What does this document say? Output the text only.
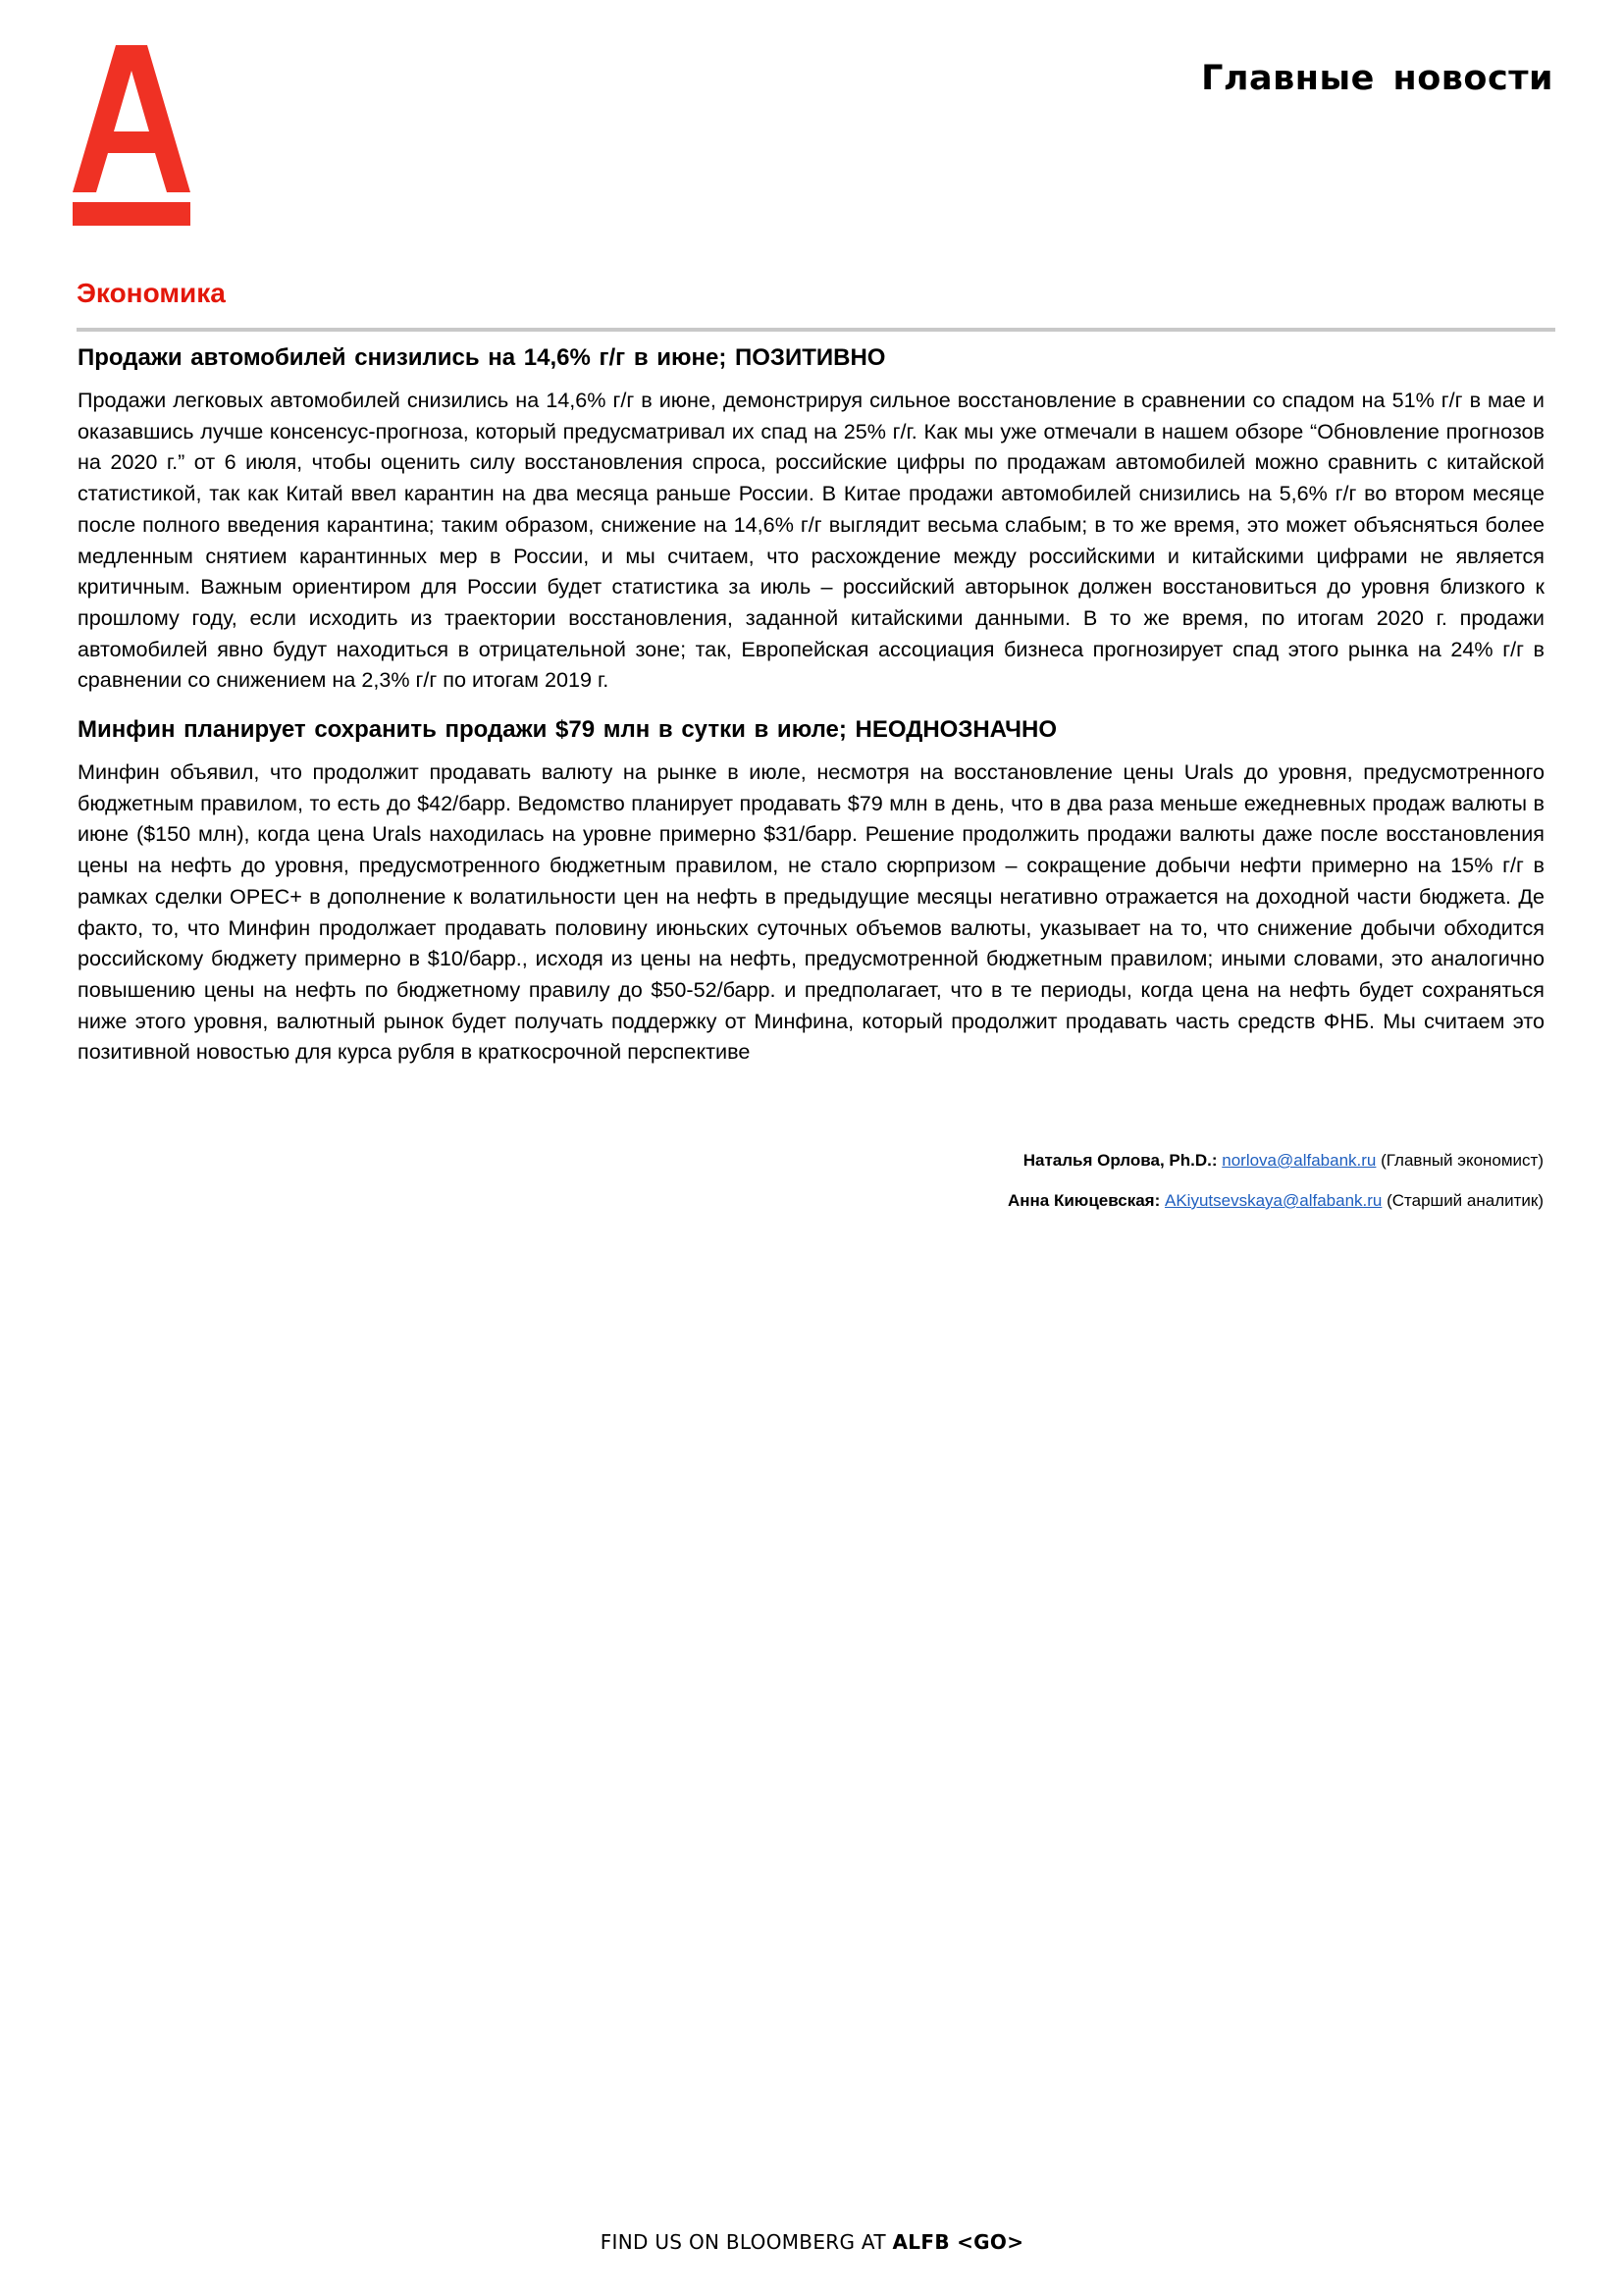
Главные новости
Экономика
Продажи автомобилей снизились на 14,6% г/г в июне; ПОЗИТИВНО

Продажи легковых автомобилей снизились на 14,6% г/г в июне, демонстрируя сильное восстановление в сравнении со спадом на 51% г/г в мае и оказавшись лучше консенсус-прогноза, который предусматривал их спад на 25% г/г. Как мы уже отмечали в нашем обзоре “Обновление прогнозов на 2020 г.” от 6 июля, чтобы оценить силу восстановления спроса, российские цифры по продажам автомобилей можно сравнить с китайской статистикой, так как Китай ввел карантин на два месяца раньше России. В Китае продажи автомобилей снизились на 5,6% г/г во втором месяце после полного введения карантина; таким образом, снижение на 14,6% г/г выглядит весьма слабым; в то же время, это может объясняться более медленным снятием карантинных мер в России, и мы считаем, что расхождение между российскими и китайскими цифрами не является критичным. Важным ориентиром для России будет статистика за июль – российский авторынок должен восстановиться до уровня близкого к прошлому году, если исходить из траектории восстановления, заданной китайскими данными. В то же время, по итогам 2020 г. продажи автомобилей явно будут находиться в отрицательной зоне; так, Европейская ассоциация бизнеса прогнозирует спад этого рынка на 24% г/г в сравнении со снижением на 2,3% г/г по итогам 2019 г.

Минфин планирует сохранить продажи $79 млн в сутки в июле; НЕОДНОЗНАЧНО

Минфин объявил, что продолжит продавать валюту на рынке в июле, несмотря на восстановление цены Urals до уровня, предусмотренного бюджетным правилом, то есть до $42/барр. Ведомство планирует продавать $79 млн в день, что в два раза меньше ежедневных продаж валюты в июне ($150 млн), когда цена Urals находилась на уровне примерно $31/барр. Решение продолжить продажи валюты даже после восстановления цены на нефть до уровня, предусмотренного бюджетным правилом, не стало сюрпризом – сокращение добычи нефти примерно на 15% г/г в рамках сделки OPEC+ в дополнение к волатильности цен на нефть в предыдущие месяцы негативно отражается на доходной части бюджета. Де факто, то, что Минфин продолжает продавать половину июньских суточных объемов валюты, указывает на то, что снижение добычи обходится российскому бюджету примерно в $10/барр., исходя из цены на нефть, предусмотренной бюджетным правилом; иными словами, это аналогично повышению цены на нефть по бюджетному правилу до $50-52/барр. и предполагает, что в те периоды, когда цена на нефть будет сохраняться ниже этого уровня, валютный рынок будет получать поддержку от Минфина, который продолжит продавать часть средств ФНБ. Мы считаем это позитивной новостью для курса рубля в краткосрочной перспективе

Наталья Орлова, Ph.D.: norlova@alfabank.ru (Главный экономист)
Анна Киюцевская: AKiyutsevskaya@alfabank.ru (Старший аналитик)
FIND US ON BLOOMBERG AT ALFB <GO>
